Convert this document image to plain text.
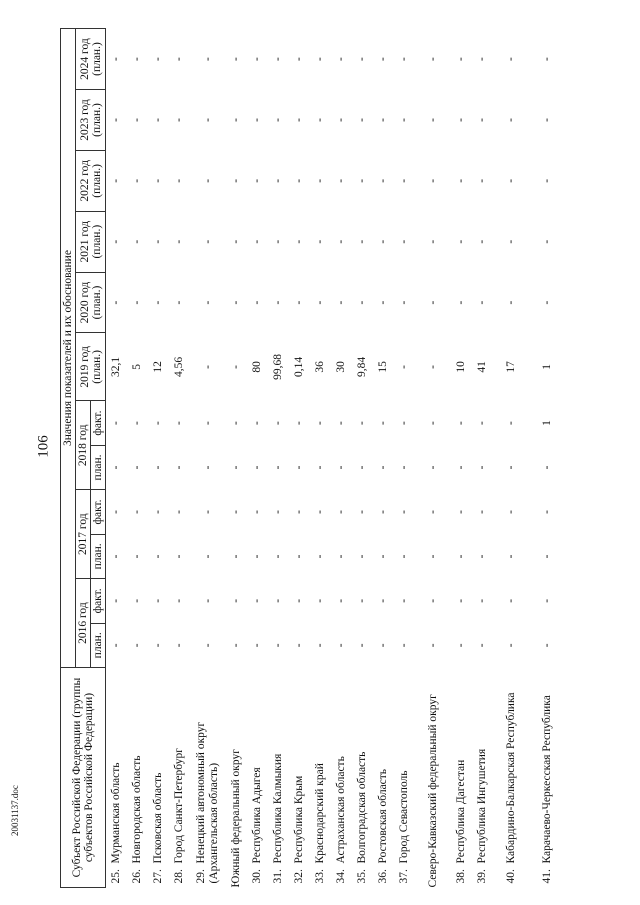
106
Субъект Российской Федерации (группы субъектов Российской Федерации)	Значения показателей и их обоснование											
	2016 год		2017 год		2018 год		2019 год (план.)	2020 год (план.)	2021 год (план.)	2022 год (план.)	2023 год (план.)	2024 год (план.)
	план.	факт.	план.	факт.	план.	факт.						
25.Мурманская область	-	-	-	-	-	-	32,1	-	-	-	-	-
26.Новгородская область	-	-	-	-	-	-	5	-	-	-	-	-
27.Псковская область	-	-	-	-	-	-	12	-	-	-	-	-
28.Город Санкт-Петербург	-	-	-	-	-	-	4,56	-	-	-	-	-
29.Ненецкий автономный округ (Архангельская область)	-	-	-	-	-	-	-	-	-	-	-	-
Южный федеральный округ	-	-	-	-	-	-	-	-	-	-	-	-
30.Республика Адыгея	-	-	-	-	-	-	80	-	-	-	-	-
31.Республика Калмыкия	-	-	-	-	-	-	99,68	-	-	-	-	-
32.Республика Крым	-	-	-	-	-	-	0,14	-	-	-	-	-
33.Краснодарский край	-	-	-	-	-	-	36	-	-	-	-	-
34.Астраханская область	-	-	-	-	-	-	30	-	-	-	-	-
35.Волгоградская область	-	-	-	-	-	-	9,84	-	-	-	-	-
36.Ростовская область	-	-	-	-	-	-	15	-	-	-	-	-
37.Город Севастополь	-	-	-	-	-	-	-	-	-	-	-	-
Северо-Кавказский федеральный округ	-	-	-	-	-	-	-	-	-	-	-	-
38.Республика Дагестан	-	-	-	-	-	-	10	-	-	-	-	-
39.Республика Ингушетия	-	-	-	-	-	-	41	-	-	-	-	-
40.Кабардино-Балкарская Республика	-	-	-	-	-	-	17	-	-	-	-	-
41.Карачаево-Черкесская Республика	-	-	-	-	-	1	1	-	-	-	-	-
20031137.doc
